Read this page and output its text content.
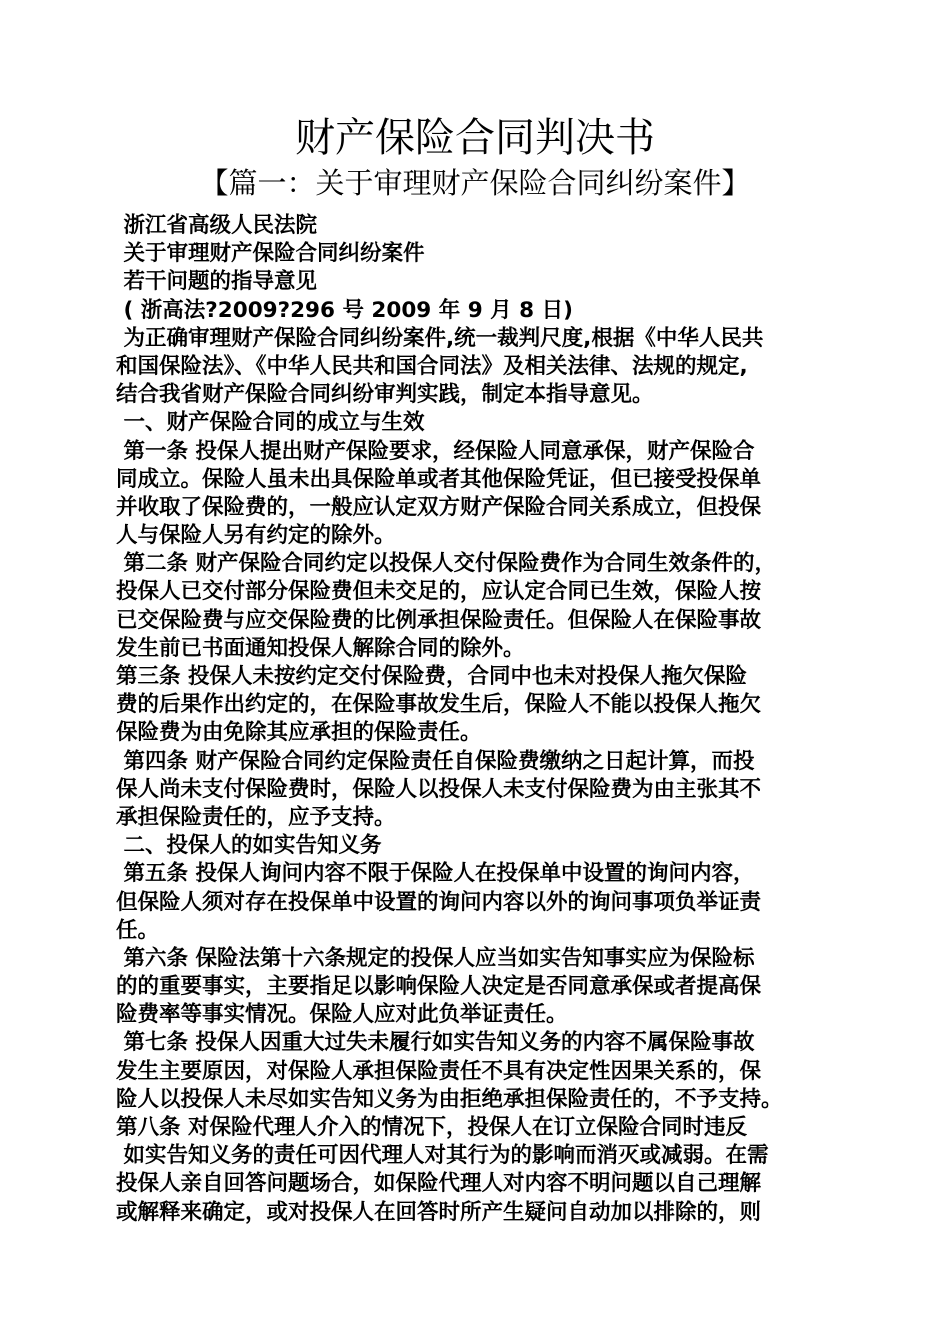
财产保险合同判决书
【篇一：关于审理财产保险合同纠纷案件】
浙江省高级人民法院
关于审理财产保险合同纠纷案件
若干问题的指导意见
( 浙高法?2009?296 号 2009 年 9 月 8 日)
为正确审理财产保险合同纠纷案件,统一裁判尺度,根据《中华人民共
和国保险法》、《中华人民共和国合同法》及相关法律、法规的规定,
结合我省财产保险合同纠纷审判实践，制定本指导意见。
一、财产保险合同的成立与生效
第一条 投保人提出财产保险要求，经保险人同意承保，财产保险合
同成立。保险人虽未出具保险单或者其他保险凭证，但已接受投保单
并收取了保险费的，一般应认定双方财产保险合同关系成立，但投保
人与保险人另有约定的除外。
第二条 财产保险合同约定以投保人交付保险费作为合同生效条件的，
投保人已交付部分保险费但未交足的，应认定合同已生效，保险人按
已交保险费与应交保险费的比例承担保险责任。但保险人在保险事故
发生前已书面通知投保人解除合同的除外。
第三条 投保人未按约定交付保险费，合同中也未对投保人拖欠保险
费的后果作出约定的，在保险事故发生后，保险人不能以投保人拖欠
保险费为由免除其应承担的保险责任。
第四条 财产保险合同约定保险责任自保险费缴纳之日起计算，而投
保人尚未支付保险费时，保险人以投保人未支付保险费为由主张其不
承担保险责任的，应予支持。
二、投保人的如实告知义务
第五条 投保人询问内容不限于保险人在投保单中设置的询问内容，
但保险人须对存在投保单中设置的询问内容以外的询问事项负举证责
任。
第六条 保险法第十六条规定的投保人应当如实告知事实应为保险标
的的重要事实，主要指足以影响保险人决定是否同意承保或者提高保
险费率等事实情况。保险人应对此负举证责任。
第七条 投保人因重大过失未履行如实告知义务的内容不属保险事故
发生主要原因，对保险人承担保险责任不具有决定性因果关系的，保
险人以投保人未尽如实告知义务为由拒绝承担保险责任的，不予支持。
第八条 对保险代理人介入的情况下，投保人在订立保险合同时违反
如实告知义务的责任可因代理人对其行为的影响而消灭或减弱。在需
投保人亲自回答问题场合，如保险代理人对内容不明问题以自己理解
或解释来确定，或对投保人在回答时所产生疑问自动加以排除的，则
